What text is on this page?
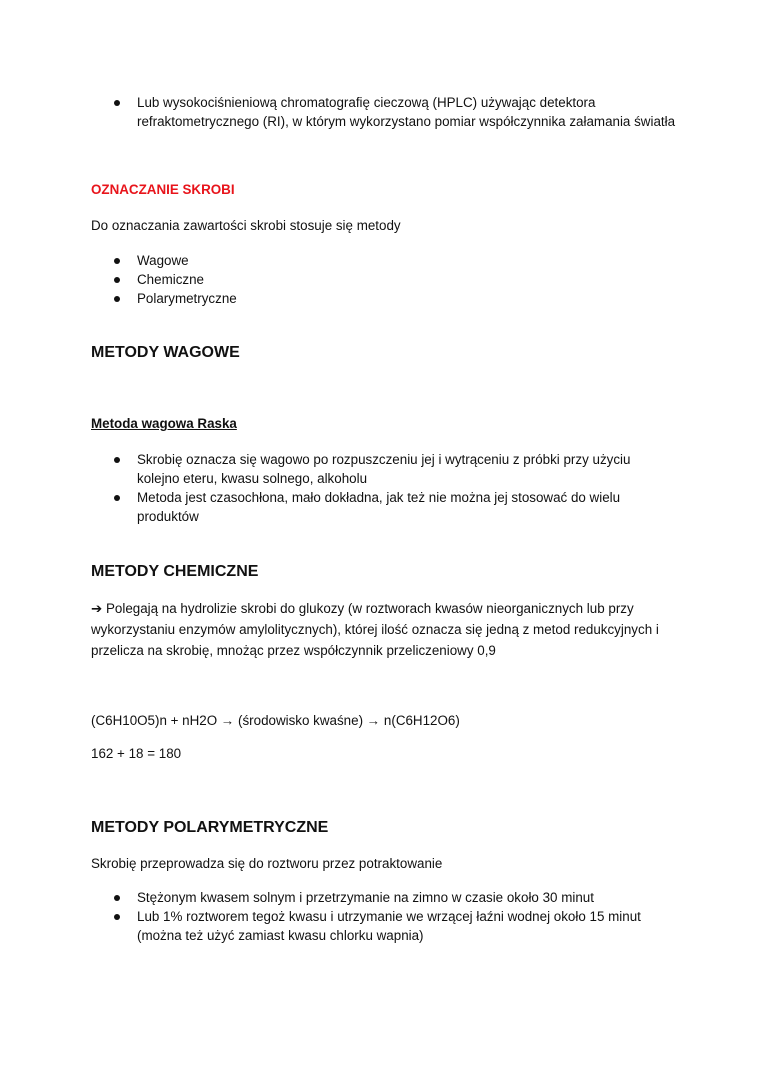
Lub wysokociśnieniową chromatografię cieczową (HPLC) używając detektora refraktometrycznego (RI), w którym wykorzystano pomiar współczynnika załamania światła
OZNACZANIE SKROBI

Do oznaczania zawartości skrobi stosuje się metody

Wagowe
Chemiczne
Polarymetryczne
METODY WAGOWE
Metoda wagowa Raska
Skrobię oznacza się wagowo po rozpuszczeniu jej i wytrąceniu z próbki przy użyciu kolejno eteru, kwasu solnego, alkoholu
Metoda jest czasochłona, mało dokładna, jak też nie można jej stosować do wielu produktów
METODY CHEMICZNE

➔ Polegają na hydrolizie skrobi do glukozy (w roztworach kwasów nieorganicznych lub przy wykorzystaniu enzymów amylolitycznych), której ilość oznacza się jedną z metod redukcyjnych i przelicza na skrobię, mnożąc przez współczynnik przeliczeniowy 0,9

(C6H10O5)n + nH2O → (środowisko kwaśne) → n(C6H12O6)

162 + 18 = 180

METODY POLARYMETRYCZNE

Skrobię przeprowadza się do roztworu przez potraktowanie

Stężonym kwasem solnym i przetrzymanie na zimno w czasie około 30 minut
Lub 1% roztworem tegoż kwasu i utrzymanie we wrzącej łaźni wodnej około 15 minut (można też użyć zamiast kwasu chlorku wapnia)
